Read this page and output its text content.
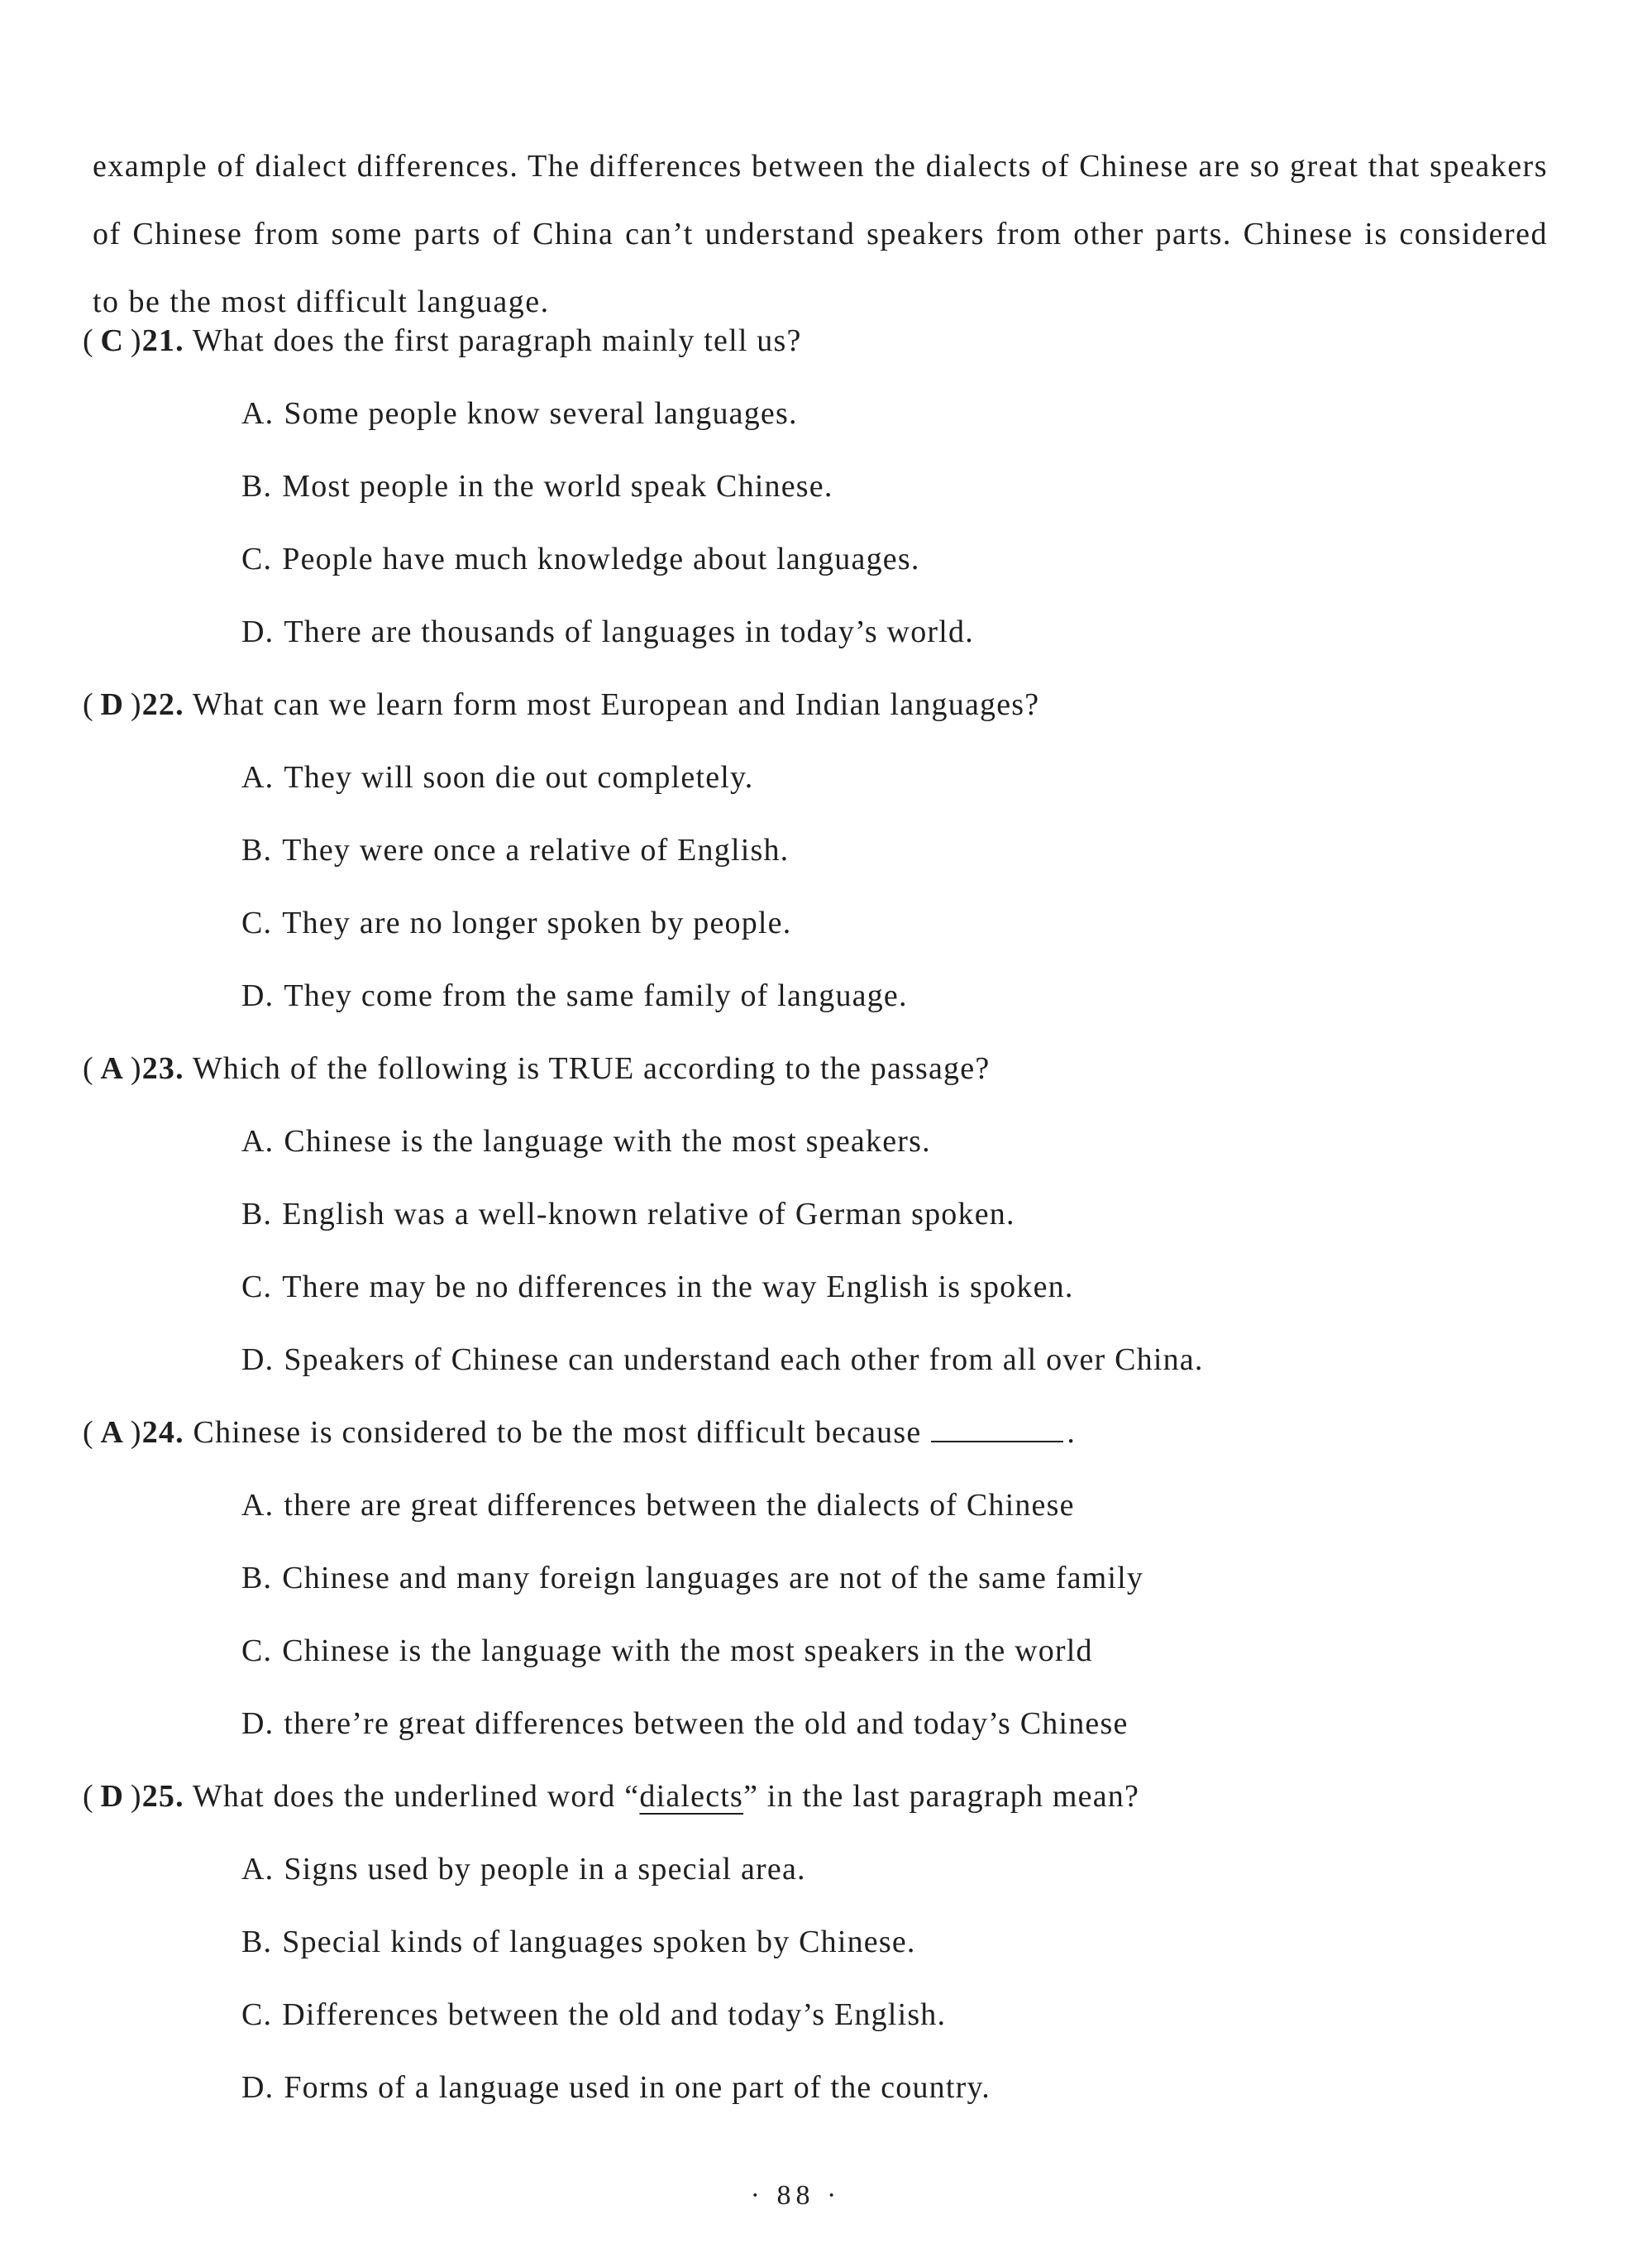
example of dialect differences. The differences between the dialects of Chinese are so great that speakers of Chinese from some parts of China can’t understand speakers from other parts. Chinese is considered to be the most difficult language.

( C )21. What does the first paragraph mainly tell us?
A. Some people know several languages.
B. Most people in the world speak Chinese.
C. People have much knowledge about languages.
D. There are thousands of languages in today’s world.
( D )22. What can we learn form most European and Indian languages?
A. They will soon die out completely.
B. They were once a relative of English.
C. They are no longer spoken by people.
D. They come from the same family of language.
( A )23. Which of the following is TRUE according to the passage?
A. Chinese is the language with the most speakers.
B. English was a well-known relative of German spoken.
C. There may be no differences in the way English is spoken.
D. Speakers of Chinese can understand each other from all over China.
( A )24. Chinese is considered to be the most difficult because	.
A. there are great differences between the dialects of Chinese
B. Chinese and many foreign languages are not of the same family
C. Chinese is the language with the most speakers in the world
D. there’re great differences between the old and today’s Chinese
( D )25. What does the underlined word “dialects” in the last paragraph mean?
A. Signs used by people in a special area.
B. Special kinds of languages spoken by Chinese.
C. Differences between the old and today’s English.
D. Forms of a language used in one part of the country.
· 88 ·
